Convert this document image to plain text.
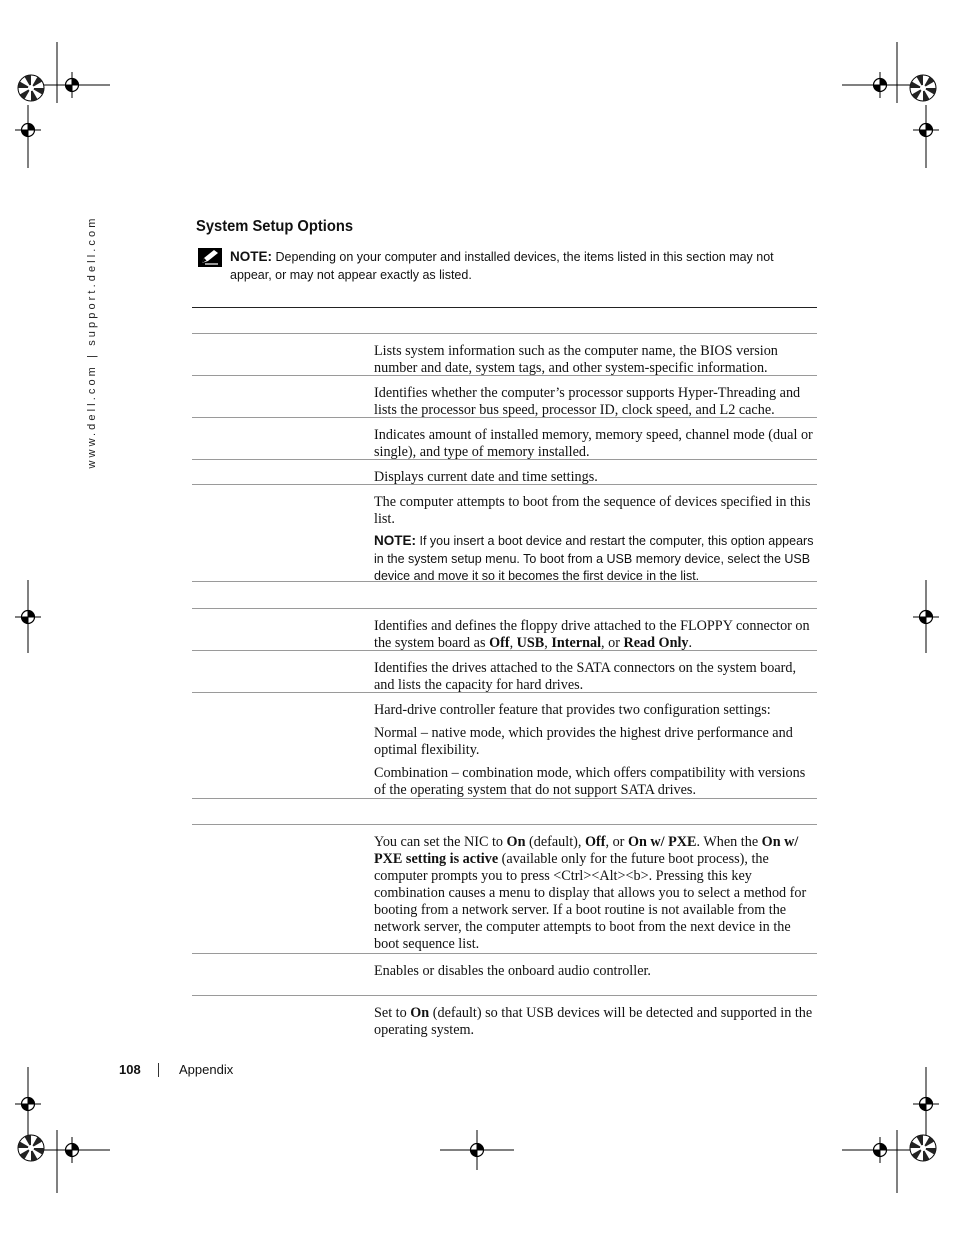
www.dell.com | support.dell.com	System Setup Options
NOTE: Depending on your computer and installed devices, the items listed in this section may not appear, or may not appear exactly as listed.

Lists system information such as the computer name, the BIOS version number and date, system tags, and other system-specific information.

Identifies whether the computer’s processor supports Hyper-Threading and lists the processor bus speed, processor ID, clock speed, and L2 cache.

Indicates amount of installed memory, memory speed, channel mode (dual or single), and type of memory installed.

Displays current date and time settings.

The computer attempts to boot from the sequence of devices specified in this list.

NOTE: If you insert a boot device and restart the computer, this option appears in the system setup menu. To boot from a USB memory device, select the USB device and move it so it becomes the first device in the list.

Identifies and defines the floppy drive attached to the FLOPPY connector on the system board as Off, USB, Internal, or Read Only.

Identifies the drives attached to the SATA connectors on the system board, and lists the capacity for hard drives.

Hard-drive controller feature that provides two configuration settings:

Normal – native mode, which provides the highest drive performance and optimal flexibility.

Combination – combination mode, which offers compatibility with versions of the operating system that do not support SATA drives.

You can set the NIC to On (default), Off, or On w/ PXE. When the On w/ PXE setting is active (available only for the future boot process), the computer prompts you to press <Ctrl><Alt><b>. Pressing this key combination causes a menu to display that allows you to select a method for booting from a network server. If a boot routine is not available from the network server, the computer attempts to boot from the next device in the boot sequence list.

Enables or disables the onboard audio controller.

Set to On (default) so that USB devices will be detected and supported in the operating system.

108	Appendix
